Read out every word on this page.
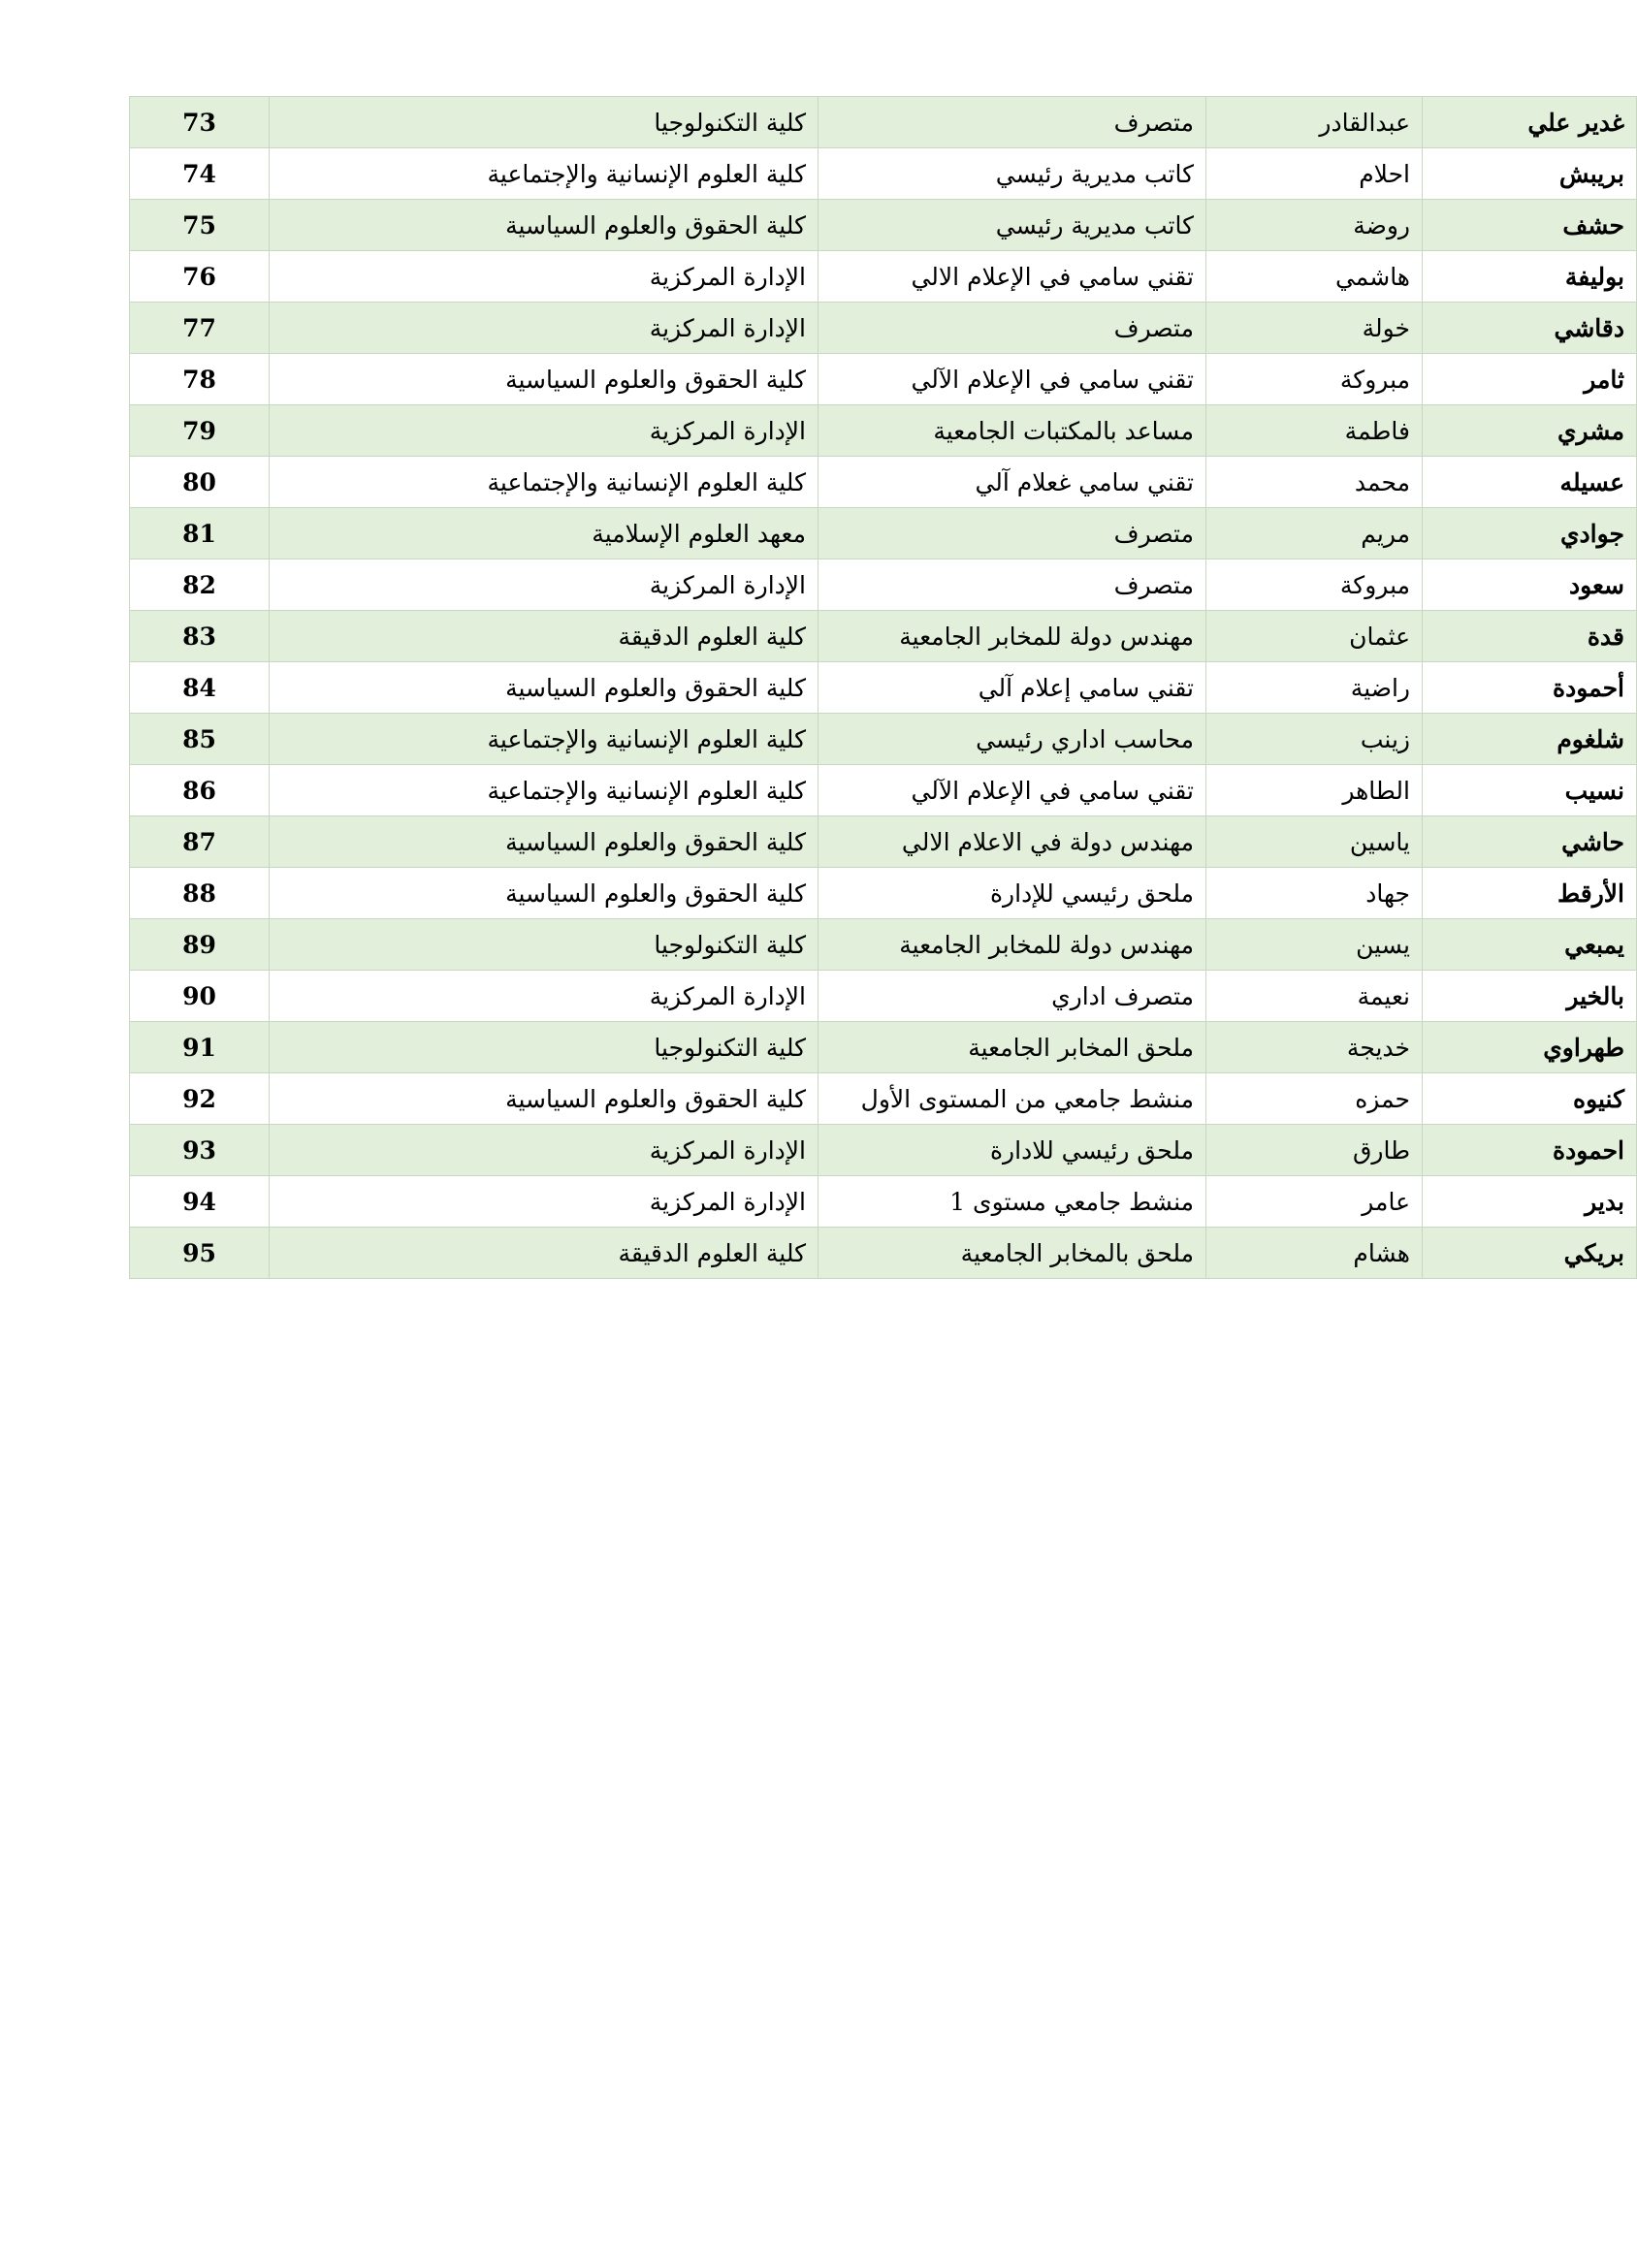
غدير علي	عبدالقادر	متصرف	كلية التكنولوجيا	73
بريبش	احلام	كاتب مديرية رئيسي	كلية العلوم الإنسانية والإجتماعية	74
حشف	روضة	كاتب مديرية رئيسي	كلية الحقوق والعلوم السياسية	75
بوليفة	هاشمي	تقني سامي في الإعلام الالي	الإدارة المركزية	76
دقاشي	خولة	متصرف	الإدارة المركزية	77
ثامر	مبروكة	تقني سامي في الإعلام الآلي	كلية الحقوق والعلوم السياسية	78
مشري	فاطمة	مساعد بالمكتبات الجامعية	الإدارة المركزية	79
عسيله	محمد	تقني سامي غعلام آلي	كلية العلوم الإنسانية والإجتماعية	80
جوادي	مريم	متصرف	معهد العلوم الإسلامية	81
سعود	مبروكة	متصرف	الإدارة المركزية	82
قدة	عثمان	مهندس دولة للمخابر الجامعية	كلية العلوم الدقيقة	83
أحمودة	راضية	تقني سامي إعلام آلي	كلية الحقوق والعلوم السياسية	84
شلغوم	زينب	محاسب اداري رئيسي	كلية العلوم الإنسانية والإجتماعية	85
نسيب	الطاهر	تقني سامي في الإعلام الآلي	كلية العلوم الإنسانية والإجتماعية	86
حاشي	ياسين	مهندس دولة في الاعلام الالي	كلية الحقوق والعلوم السياسية	87
الأرقط	جهاد	ملحق رئيسي للإدارة	كلية الحقوق والعلوم السياسية	88
يمبعي	يسين	مهندس دولة للمخابر الجامعية	كلية التكنولوجيا	89
بالخير	نعيمة	متصرف اداري	الإدارة المركزية	90
طهراوي	خديجة	ملحق المخابر الجامعية	كلية التكنولوجيا	91
كنيوه	حمزه	منشط جامعي من المستوى الأول	كلية الحقوق والعلوم السياسية	92
احمودة	طارق	ملحق رئيسي للادارة	الإدارة المركزية	93
بدير	عامر	منشط جامعي مستوى 1	الإدارة المركزية	94
بريكي	هشام	ملحق بالمخابر الجامعية	كلية العلوم الدقيقة	95
